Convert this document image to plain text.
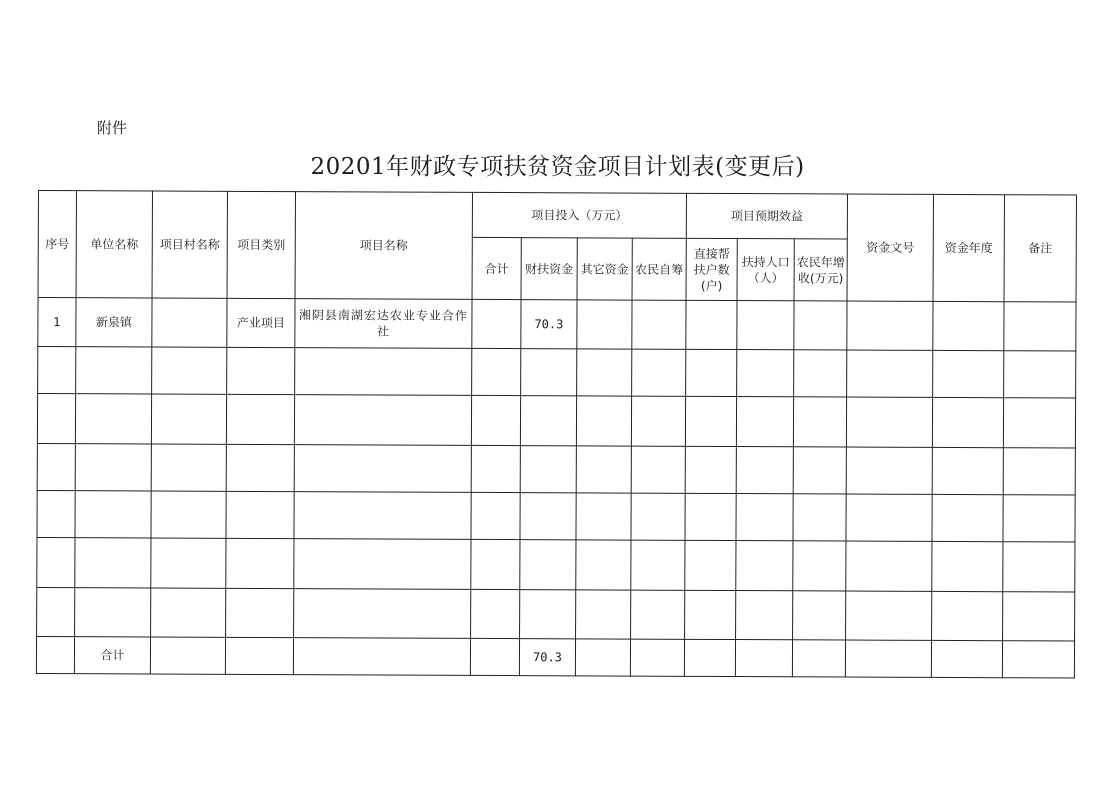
附件
20201年财政专项扶贫资金项目计划表(变更后)
序号	单位名称	项目村名称	项目类别	项目名称	项目投入（万元）				项目预期效益			资金文号	资金年度	备注
					合计	财扶资金	其它资金	农民自筹	直接帮扶户数(户)	扶持人口（人）	农民年增收(万元)			
1	新泉镇		产业项目	湘阴县南湖宏达农业专业合作社		70.3								

	合计					70.3								
